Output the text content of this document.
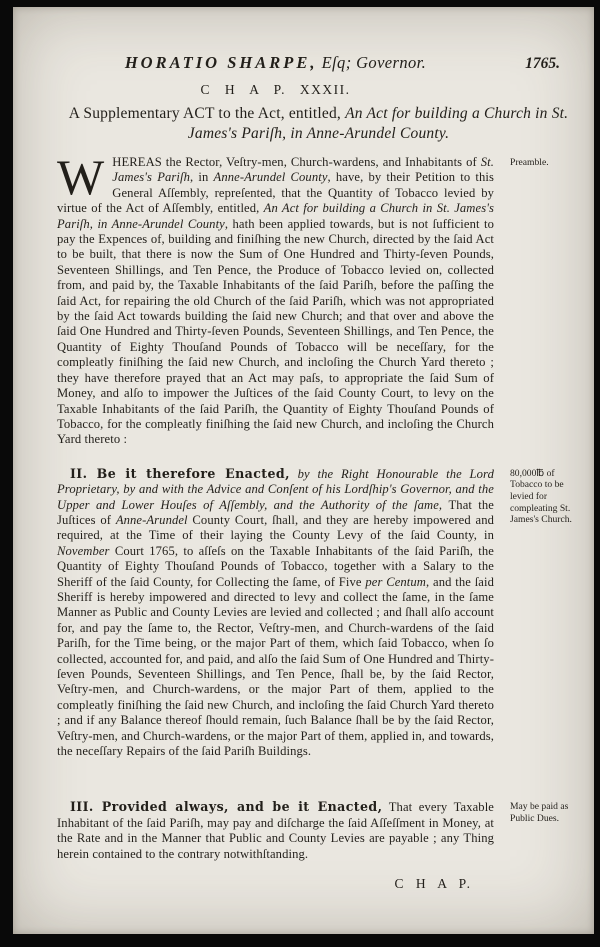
HORATIO SHARPE, Eſq; Governor.	1765.
C H A P. XXXII.
A Supplementary ACT to the Act, entitled, An Act for building a Church in St. James's Pariſh, in Anne-Arundel County.

WHEREAS the Rector, Veſtry-men, Church-wardens, and Inhabitants of St. James's Pariſh, in Anne-Arundel County, have, by their Petition to this General Aſſembly, repreſented, that the Quantity of Tobacco levied by virtue of the Act of Aſſembly, entitled, An Act for building a Church in St. James's Pariſh, in Anne-Arundel County, hath been applied towards, but is not ſufficient to pay the Expences of, building and finiſhing the new Church, directed by the ſaid Act to be built, that there is now the Sum of One Hundred and Thirty-ſeven Pounds, Seventeen Shillings, and Ten Pence, the Produce of Tobacco levied on, collected from, and paid by, the Taxable Inhabitants of the ſaid Pariſh, before the paſſing the ſaid Act, for repairing the old Church of the ſaid Pariſh, which was not appropriated by the ſaid Act towards building the ſaid new Church; and that over and above the ſaid One Hundred and Thirty-ſeven Pounds, Seventeen Shillings, and Ten Pence, the Quantity of Eighty Thouſand Pounds of Tobacco will be neceſſary, for the compleatly finiſhing the ſaid new Church, and incloſing the Church Yard thereto ; they have therefore prayed that an Act may paſs, to appropriate the ſaid Sum of Money, and alſo to impower the Juſtices of the ſaid County Court, to levy on the Taxable Inhabitants of the ſaid Pariſh, the Quantity of Eighty Thouſand Pounds of Tobacco, for the compleatly finiſhing the ſaid new Church, and incloſing the Church Yard thereto :

Preamble.

II. Be it therefore Enacted, by the Right Honourable the Lord Proprietary, by and with the Advice and Conſent of his Lordſhip's Governor, and the Upper and Lower Houſes of Aſſembly, and the Authority of the ſame, That the Juſtices of Anne-Arundel County Court, ſhall, and they are hereby impowered and required, at the Time of their laying the County Levy of the ſaid County, in November Court 1765, to aſſeſs on the Taxable Inhabitants of the ſaid Pariſh, the Quantity of Eighty Thouſand Pounds of Tobacco, together with a Salary to the Sheriff of the ſaid County, for Collecting the ſame, of Five per Centum, and the ſaid Sheriff is hereby impowered and directed to levy and collect the ſame, in the ſame Manner as Public and County Levies are levied and collected ; and ſhall alſo account for, and pay the ſame to, the Rector, Veſtry-men, and Church-wardens of the ſaid Pariſh, for the Time being, or the major Part of them, which ſaid Tobacco, when ſo collected, accounted for, and paid, and alſo the ſaid Sum of One Hundred and Thirty-ſeven Pounds, Seventeen Shillings, and Ten Pence, ſhall be, by the ſaid Rector, Veſtry-men, and Church-wardens, or the major Part of them, applied to the compleatly finiſhing the ſaid new Church, and incloſing the ſaid Church Yard thereto ; and if any Balance thereof ſhould remain, ſuch Balance ſhall be by the ſaid Rector, Veſtry-men, and Church-wardens, or the major Part of them, applied in, and towards, the neceſſary Repairs of the ſaid Pariſh Buildings.

80,000℔ of Tobacco to be levied for compleating St. James's Church.

III. Provided always, and be it Enacted, That every Taxable Inhabitant of the ſaid Pariſh, may pay and diſcharge the ſaid Aſſeſſment in Money, at the Rate and in the Manner that Public and County Levies are payable ; any Thing herein contained to the contrary notwithſtanding.

May be paid as Public Dues.
C H A P.
